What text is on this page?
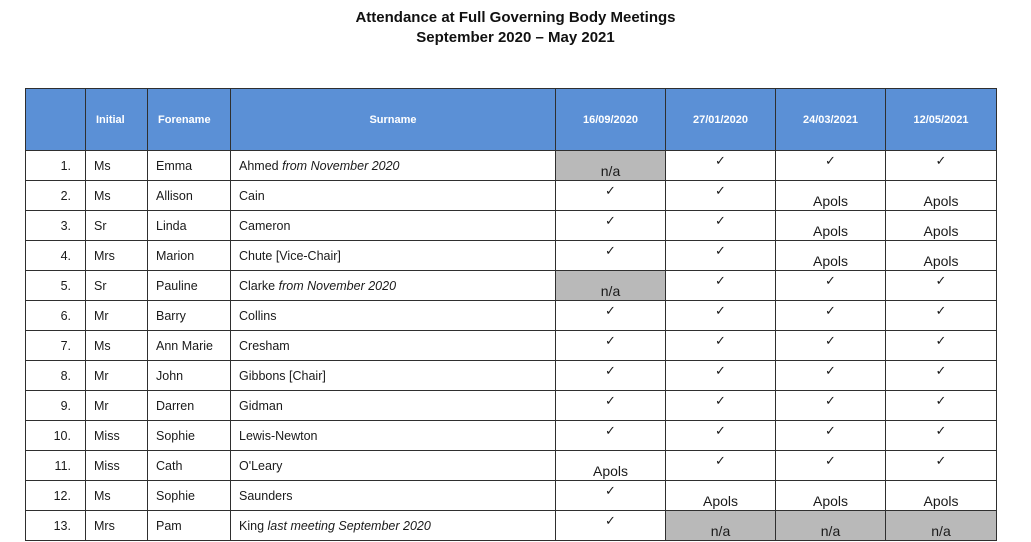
Attendance at Full Governing Body Meetings
September 2020 – May 2021
	Initial	Forename	Surname	16/09/2020	27/01/2020	24/03/2021	12/05/2021
1.	Ms	Emma	Ahmed from November 2020	n/a	✓	✓	✓
2.	Ms	Allison	Cain	✓	✓	Apols	Apols
3.	Sr	Linda	Cameron	✓	✓	Apols	Apols
4.	Mrs	Marion	Chute [Vice-Chair]	✓	✓	Apols	Apols
5.	Sr	Pauline	Clarke from November 2020	n/a	✓	✓	✓
6.	Mr	Barry	Collins	✓	✓	✓	✓
7.	Ms	Ann Marie	Cresham	✓	✓	✓	✓
8.	Mr	John	Gibbons [Chair]	✓	✓	✓	✓
9.	Mr	Darren	Gidman	✓	✓	✓	✓
10.	Miss	Sophie	Lewis-Newton	✓	✓	✓	✓
11.	Miss	Cath	O'Leary	Apols	✓	✓	✓
12.	Ms	Sophie	Saunders	✓	Apols	Apols	Apols
13.	Mrs	Pam	King last meeting September 2020	✓	n/a	n/a	n/a
